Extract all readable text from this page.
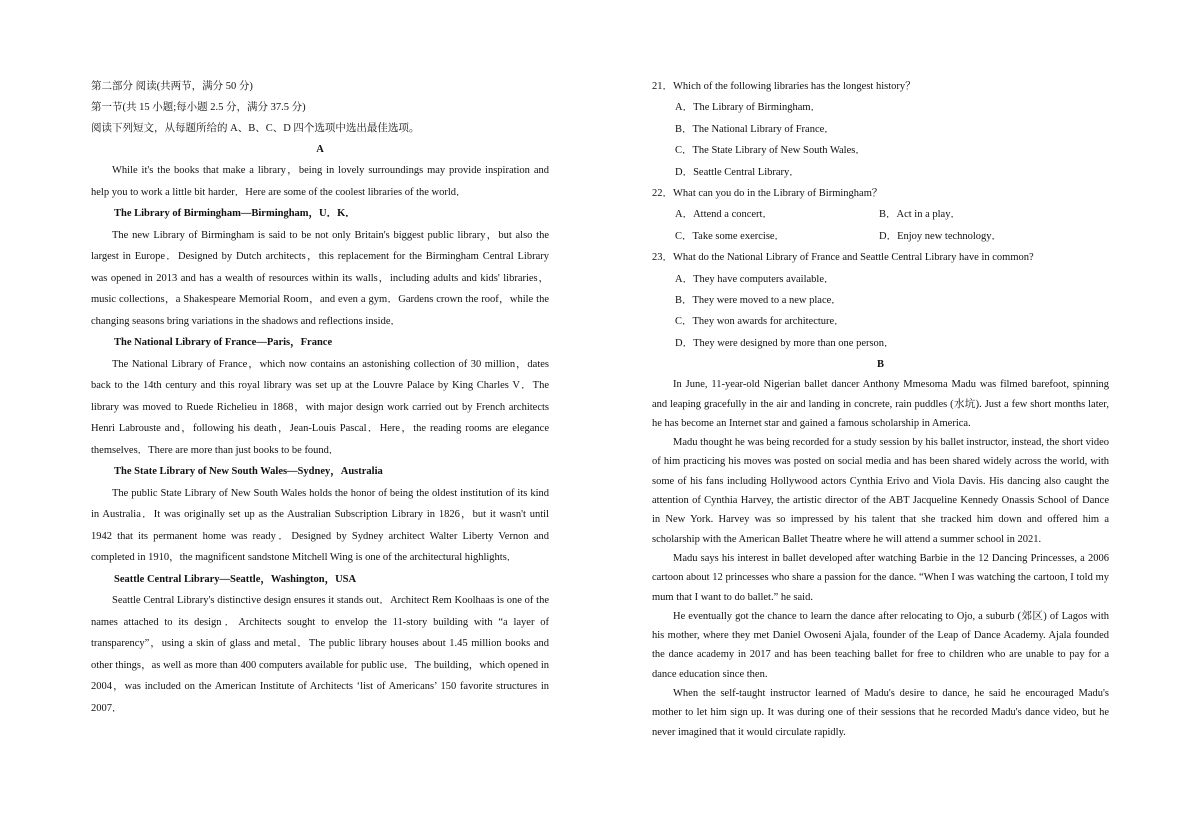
第二部分 阅读(共两节，满分 50 分)
第一节(共 15 小题;每小题 2.5 分，满分 37.5 分)
阅读下列短文，从每题所给的 A、B、C、D 四个选项中选出最佳选项。
A

While it's the books that make a library，being in lovely surroundings may provide inspiration and help you to work a little bit harder．Here are some of the coolest libraries of the world．

The Library of Birmingham—Birmingham，U．K．

The new Library of Birmingham is said to be not only Britain's biggest public library，but also the largest in Europe．Designed by Dutch architects，this replacement for the Birmingham Central Library was opened in 2013 and has a wealth of resources within its walls，including adults and kids' libraries，music collections，a Shakespeare Memorial Room，and even a gym．Gardens crown the roof，while the changing seasons bring variations in the shadows and reflections inside．

The National Library of France—Paris，France

The National Library of France，which now contains an astonishing collection of 30 million，dates back to the 14th century and this royal library was set up at the Louvre Palace by King Charles V．The library was moved to Ruede Richelieu in 1868，with major design work carried out by French architects Henri Labrouste and，following his death，Jean-Louis Pascal．Here，the reading rooms are elegance themselves．There are more than just books to be found．

The State Library of New South Wales—Sydney，Australia

The public State Library of New South Wales holds the honor of being the oldest institution of its kind in Australia．It was originally set up as the Australian Subscription Library in 1826，but it wasn't until 1942 that its permanent home was ready．Designed by Sydney architect Walter Liberty Vernon and completed in 1910，the magnificent sandstone Mitchell Wing is one of the architectural highlights．

Seattle Central Library—Seattle，Washington，USA

Seattle Central Library's distinctive design ensures it stands out．Architect Rem Koolhaas is one of the names attached to its design．Architects sought to envelop the 11-story building with “a layer of transparency”，using a skin of glass and metal．The public library houses about 1.45 million books and other things，as well as more than 400 computers available for public use．The building，which opened in 2004，was included on the American Institute of Architects ‘list of Americans’ 150 favorite structures in 2007．

21．Which of the following libraries has the longest history？
A．The Library of Birmingham．
B．The National Library of France．
C．The State Library of New South Wales．
D．Seattle Central Library．
22．What can you do in the Library of Birmingham？
A．Attend a concert．	B．Act in a play．
C．Take some exercise．	D．Enjoy new technology．
23．What do the National Library of France and Seattle Central Library have in common?
A．They have computers available．
B．They were moved to a new place．
C．They won awards for architecture．
D．They were designed by more than one person．
B

In June, 11-year-old Nigerian ballet dancer Anthony Mmesoma Madu was filmed barefoot, spinning and leaping gracefully in the air and landing in concrete, rain puddles (水坑). Just a few short months later, he has become an Internet star and gained a famous scholarship in America.

Madu thought he was being recorded for a study session by his ballet instructor, instead, the short video of him practicing his moves was posted on social media and has been shared widely across the world, with some of his fans including Hollywood actors Cynthia Erivo and Viola Davis. His dancing also caught the attention of Cynthia Harvey, the artistic director of the ABT Jacqueline Kennedy Onassis School of Dance in New York. Harvey was so impressed by his talent that she tracked him down and offered him a scholarship with the American Ballet Theatre where he will attend a summer school in 2021.

Madu says his interest in ballet developed after watching Barbie in the 12 Dancing Princesses, a 2006 cartoon about 12 princesses who share a passion for the dance. “When I was watching the cartoon, I told my mum that I want to do ballet.” he said.

He eventually got the chance to learn the dance after relocating to Ojo, a suburb (郊区) of Lagos with his mother, where they met Daniel Owoseni Ajala, founder of the Leap of Dance Academy. Ajala founded the dance academy in 2017 and has been teaching ballet for free to children who are unable to pay for a dance education since then.

When the self-taught instructor learned of Madu's desire to dance, he said he encouraged Madu's mother to let him sign up. It was during one of their sessions that he recorded Madu's dance video, but he never imagined that it would circulate rapidly.
